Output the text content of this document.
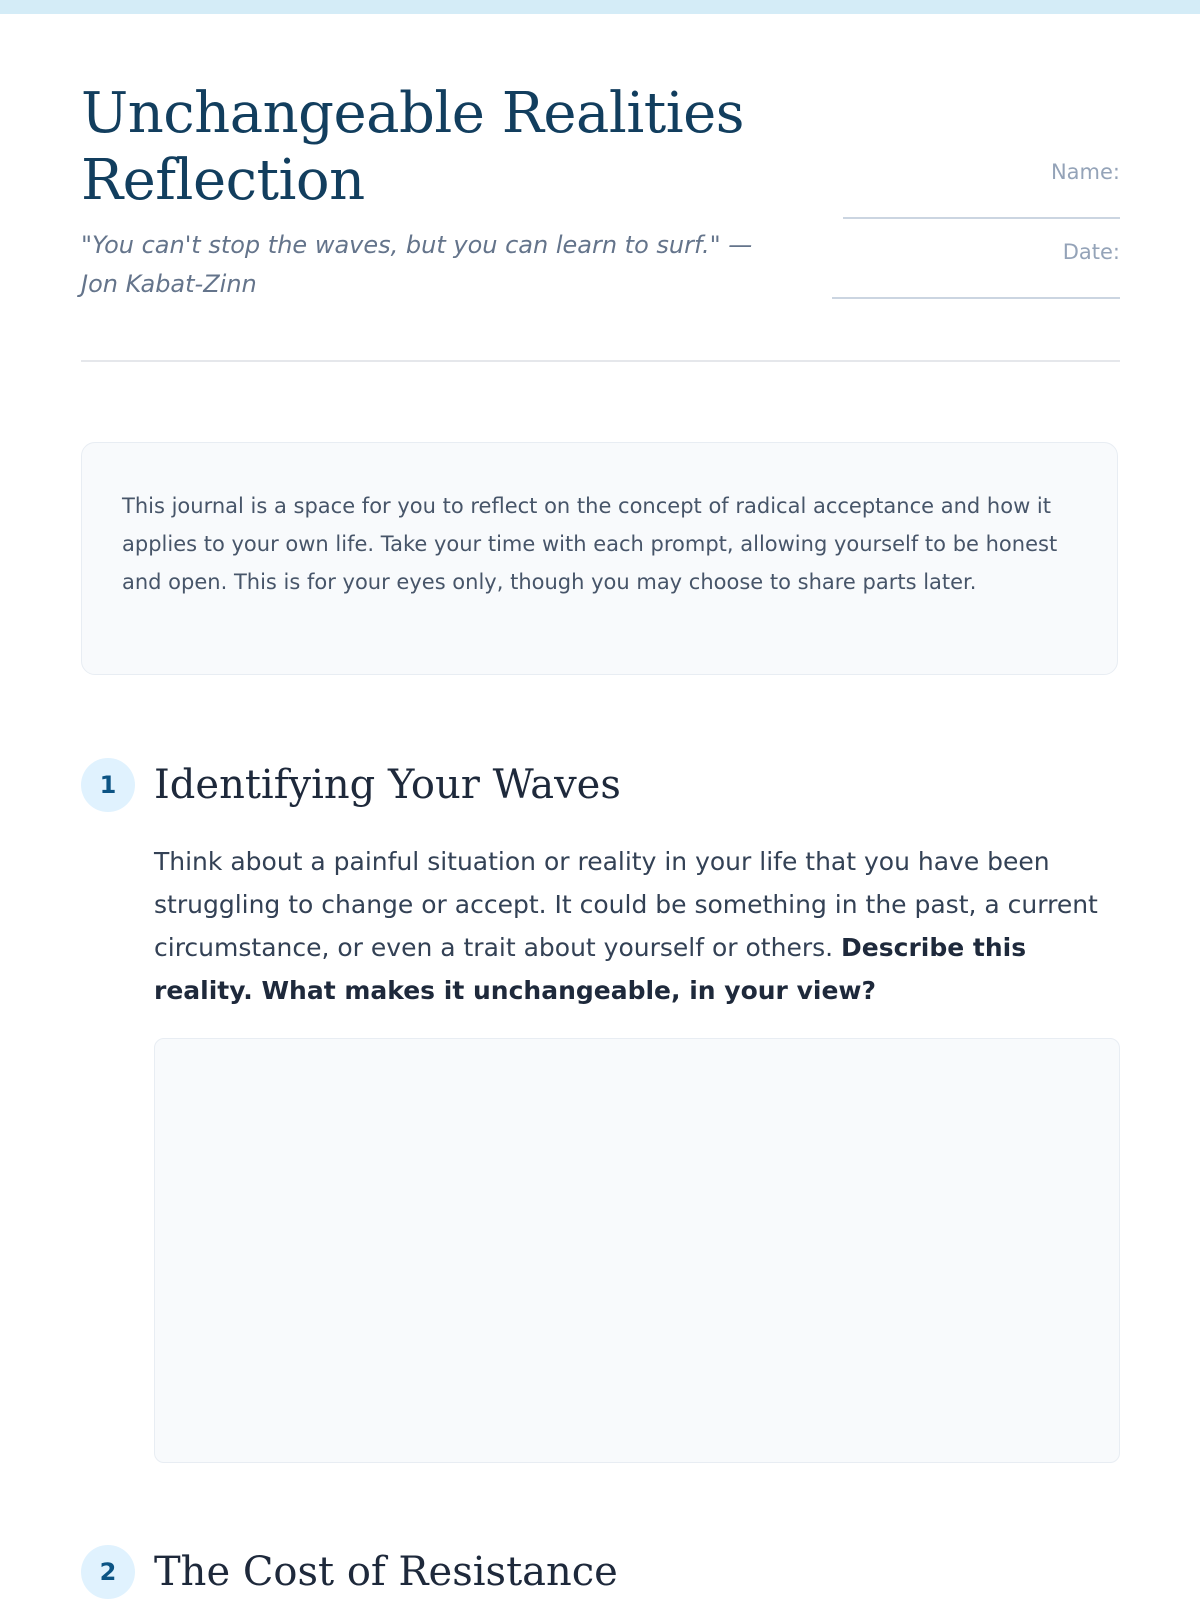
Unchangeable Realities
Reflection
"You can't stop the waves, but you can learn to surf." —
Jon Kabat-Zinn
Name:
Date:

This journal is a space for you to reflect on the concept of radical acceptance and how it applies to your own life. Take your time with each prompt, allowing yourself to be honest and open. This is for your eyes only, though you may choose to share parts later.

1 Identifying Your Waves

Think about a painful situation or reality in your life that you have been struggling to change or accept. It could be something in the past, a current circumstance, or even a trait about yourself or others. Describe this reality. What makes it unchangeable, in your view?

2 The Cost of Resistance
